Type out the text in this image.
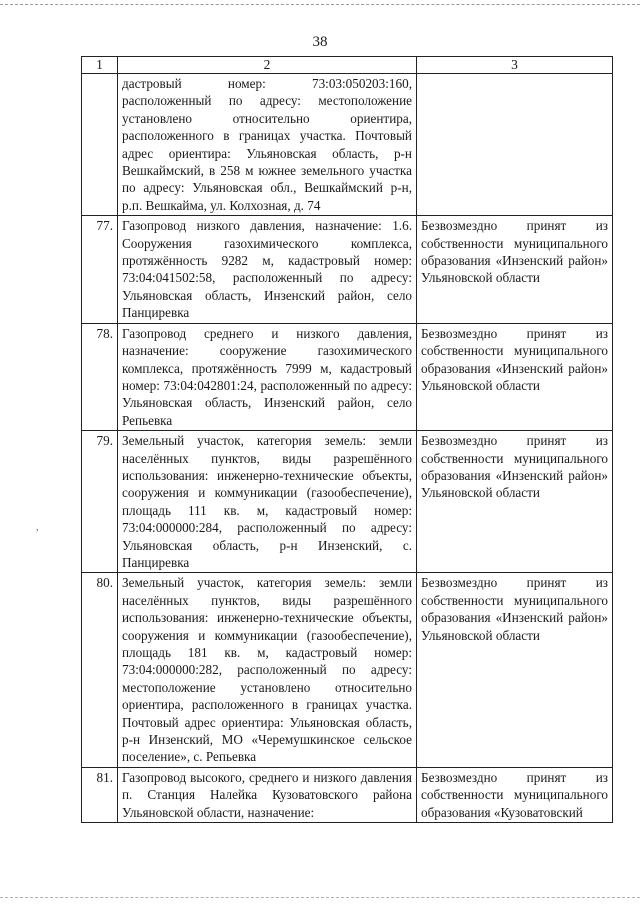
38
1	2	3
	дастровый номер: 73:03:050203:160, расположенный по адресу: местоположение установлено относительно ориентира, расположенного в границах участка. Почтовый адрес ориентира: Ульяновская область, р-н Вешкаймский, в 258 м южнее земельного участка по адресу: Ульяновская обл., Вешкаймский р-н, р.п. Вешкайма, ул. Колхозная, д. 74	
77.	Газопровод низкого давления, назначение: 1.6. Сооружения газохимического комплекса, протяжённость 9282 м, кадастровый номер: 73:04:041502:58, расположенный по адресу: Ульяновская область, Инзенский район, село Панциревка	Безвозмездно принят из собственности муниципального образования «Инзенский район» Ульяновской области
78.	Газопровод среднего и низкого давления, назначение: сооружение газохимического комплекса, протяжённость 7999 м, кадастровый номер: 73:04:042801:24, расположенный по адресу: Ульяновская область, Инзенский район, село Репьевка	Безвозмездно принят из собственности муниципального образования «Инзенский район» Ульяновской области
79.	Земельный участок, категория земель: земли населённых пунктов, виды разрешённого использования: инженерно-технические объекты, сооружения и коммуникации (газообеспечение), площадь 111 кв. м, кадастровый номер: 73:04:000000:284, расположенный по адресу: Ульяновская область, р-н Инзенский, с. Панциревка	Безвозмездно принят из собственности муниципального образования «Инзенский район» Ульяновской области
80.	Земельный участок, категория земель: земли населённых пунктов, виды разрешённого использования: инженерно-технические объекты, сооружения и коммуникации (газообеспечение), площадь 181 кв. м, кадастровый номер: 73:04:000000:282, расположенный по адресу: местоположение установлено относительно ориентира, расположенного в границах участка. Почтовый адрес ориентира: Ульяновская область, р-н Инзенский, МО «Черемушкинское сельское поселение», с. Репьевка	Безвозмездно принят из собственности муниципального образования «Инзенский район» Ульяновской области
81.	Газопровод высокого, среднего и низкого давления п. Станция Налейка Кузоватовского района Ульяновской области, назначение:	Безвозмездно принят из собственности муниципального образования «Кузоватовский
,
